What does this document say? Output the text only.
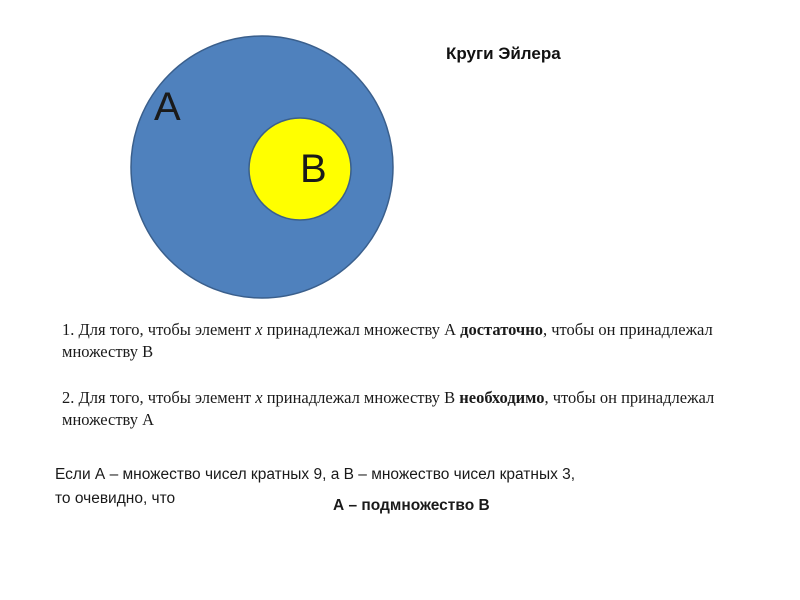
A
B
Круги Эйлера
1. Для того, чтобы элемент х принадлежал множеству А достаточно, чтобы он принадлежал множеству В
2. Для того, чтобы элемент х принадлежал множеству В необходимо, чтобы он принадлежал множеству А
Если А – множество чисел кратных 9, а В – множество чисел кратных 3,
то очевидно, что	А – подмножество В
